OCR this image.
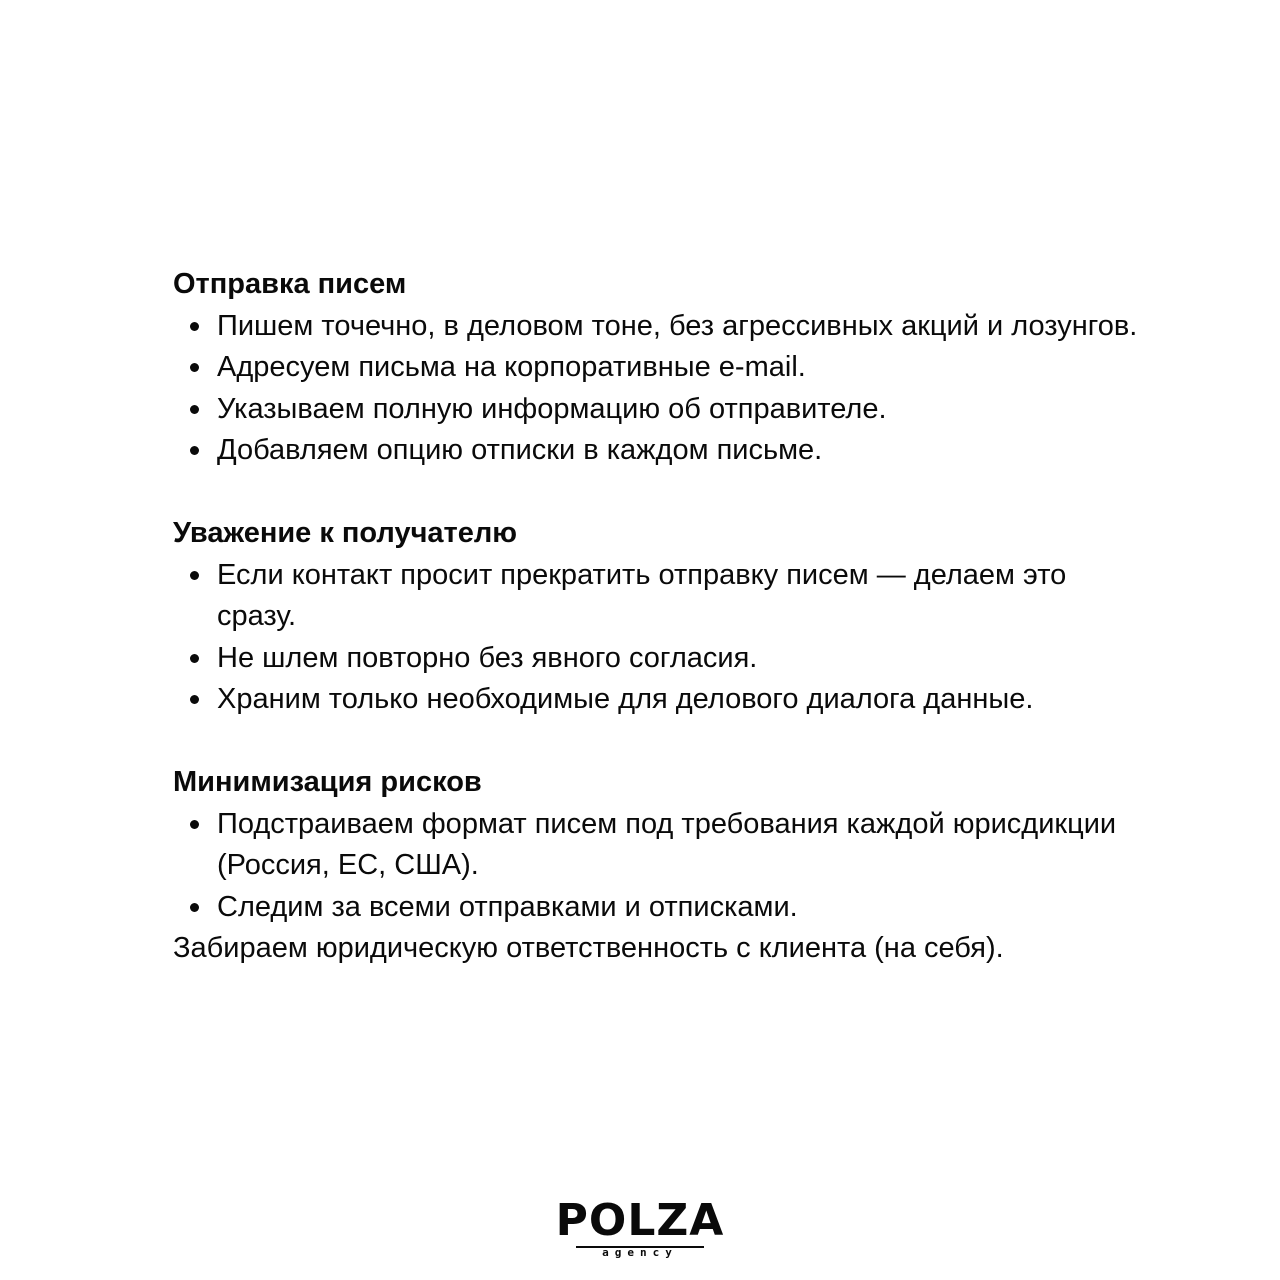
Отправка писем

Пишем точечно, в деловом тоне, без агрессивных акций и лозунгов.
Адресуем письма на корпоративные e-mail.
Указываем полную информацию об отправителе.
Добавляем опцию отписки в каждом письме.

Уважение к получателю

Если контакт просит прекратить отправку писем — делаем это сразу.
Не шлем повторно без явного согласия.
Храним только необходимые для делового диалога данные.

Минимизация рисков

Подстраиваем формат писем под требования каждой юрисдикции (Россия, ЕС, США).
Следим за всеми отправками и отписками.

Забираем юридическую ответственность с клиента (на себя).

POLZA
agency
